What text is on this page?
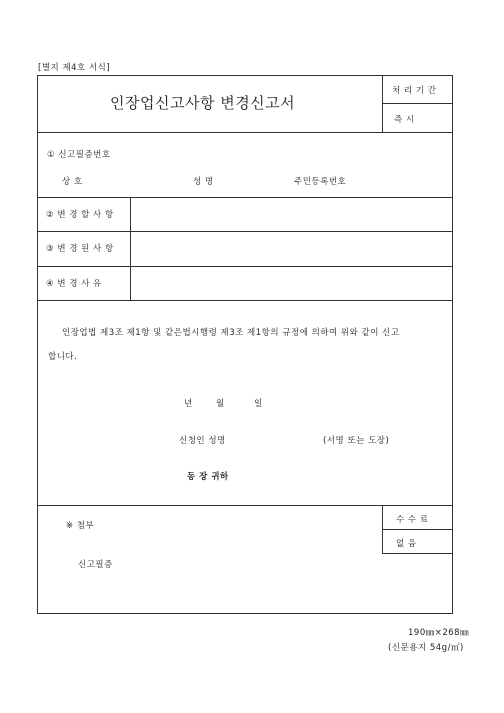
[별지 제4호 서식]
인장업신고사항 변경신고서
처 리 기 간
즉 시
① 신고필증번호
상 호	성 명	주민등록번호
② 변 경 할 사 항
③ 변 경 된 사 항
④ 변 경 사 유
인장업법 제3조 제1항 및 같은법시행령 제3조 제1항의 규정에 의하여 위와 같이 신고
합니다.
년	월	일
신청인 성명	(서명 또는 도장)
동 장 귀하
※ 첨부
신고필증
수 수 료
없 음
190㎜×268㎜
(신문용지 54g/㎡)
